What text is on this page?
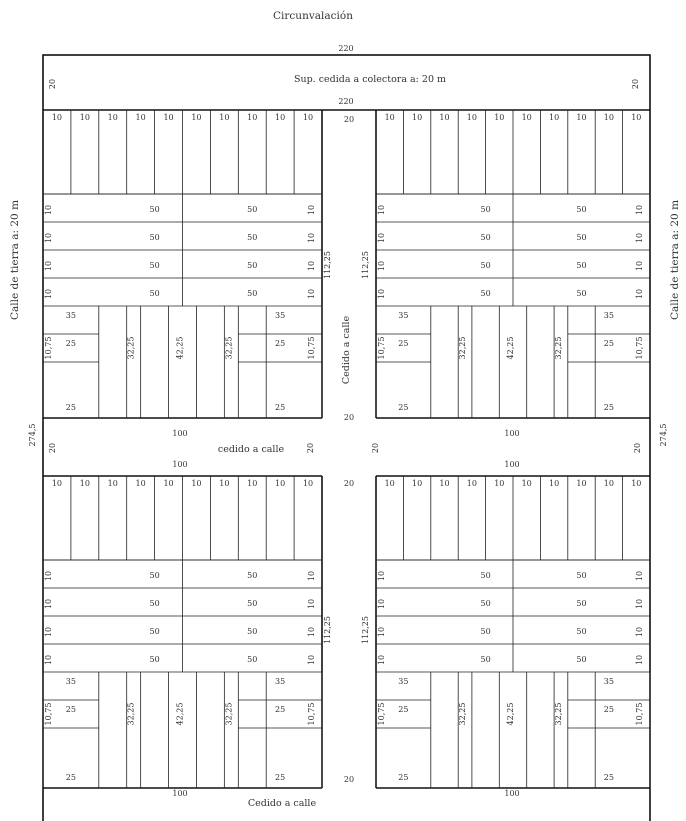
Circunvalación
Calle de tierra a: 20 m	Calle de tierra a: 20 m
220
220
274,5	274,5
Sup. cedida a colectora a: 20 m
20	20
Cedido a calle
cedido a calle
Cedido a calle
100
100
100
100
100	100
112,25	112,25
112,25	112,25
20
20
20
20
20	20	20	20
10 10 10 10 10 10 10 10 10 10
50	50
10	10
50	50
10	10
50	50
10	10
50	50
10	10
35	35
25	25
25	25
10,75	10,75
32,25	42,25	32,25
10 10 10 10 10 10 10 10 10 10
50	50
10	10
50	50
10	10
50	50
10	10
50	50
10	10
35	35
25	25
25	25
10,75	10,75
32,25	42,25	32,25
10 10 10 10 10 10 10 10 10 10
50	50
10	10
50	50
10	10
50	50
10	10
50	50
10	10
35	35
25	25
25	25
10,75	10,75
32,25	42,25	32,25
10 10 10 10 10 10 10 10 10 10
50	50
10	10
50	50
10	10
50	50
10	10
50	50
10	10
35	35
25	25
25	25
10,75	10,75
32,25	42,25	32,25
